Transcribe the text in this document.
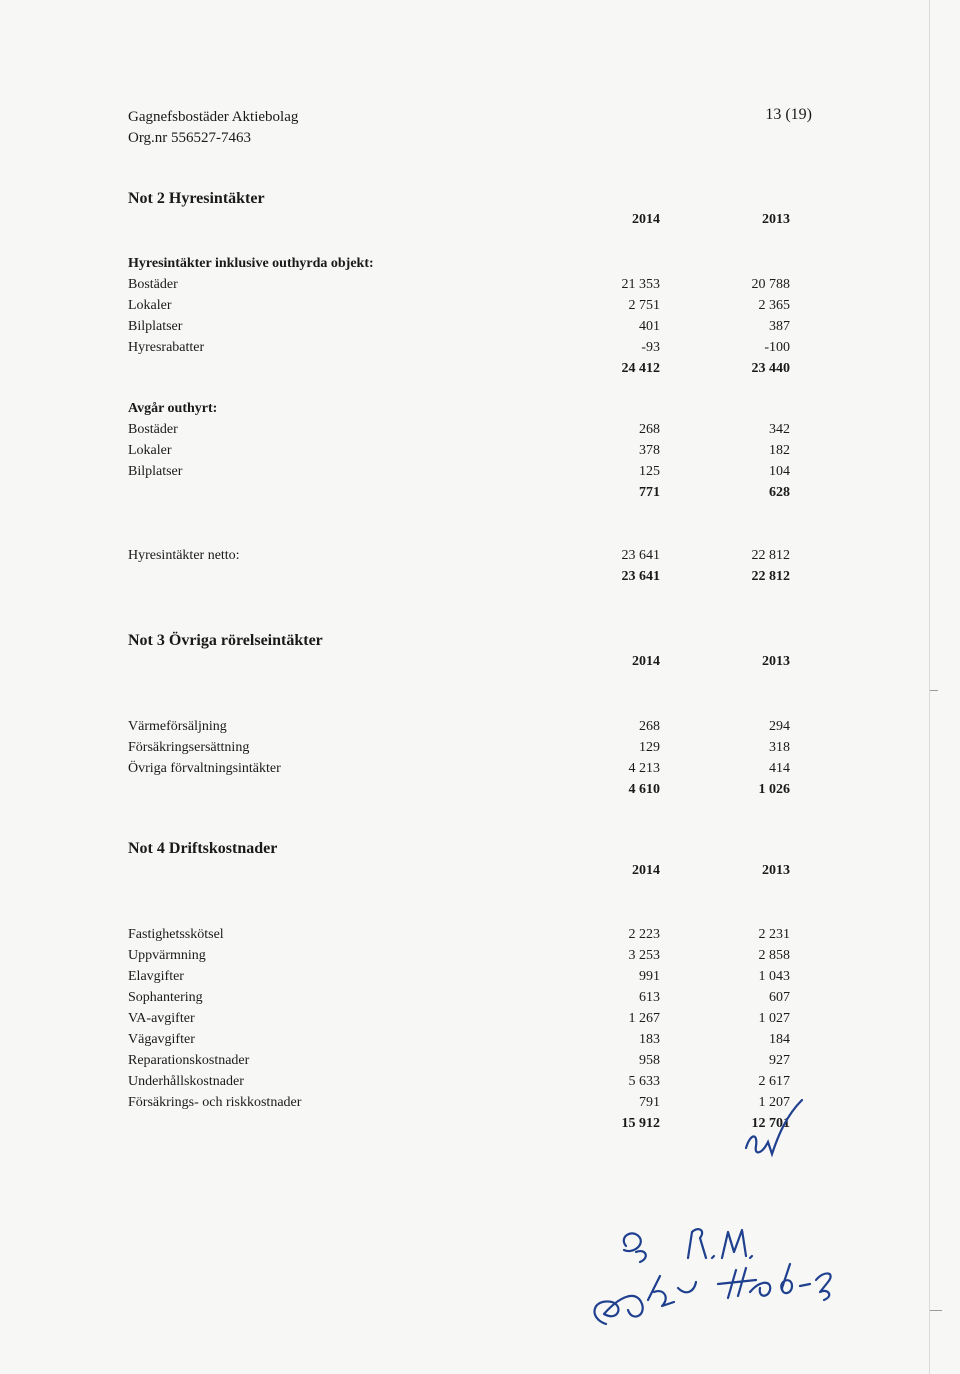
Gagnefsbostäder Aktiebolag
Org.nr 556527-7463
13 (19)
Not 2 Hyresintäkter
2014	2013
Hyresintäkter inklusive outhyrda objekt:
Bostäder	21 353	20 788
Lokaler	2 751	2 365
Bilplatser	401	387
Hyresrabatter	-93	-100
24 412	23 440
Avgår outhyrt:
Bostäder	268	342
Lokaler	378	182
Bilplatser	125	104
771	628
Hyresintäkter netto:	23 641	22 812
23 641	22 812
Not 3 Övriga rörelseintäkter
2014	2013
Värmeförsäljning	268	294
Försäkringsersättning	129	318
Övriga förvaltningsintäkter	4 213	414
4 610	1 026
Not 4 Driftskostnader
2014	2013
Fastighetsskötsel	2 223	2 231
Uppvärmning	3 253	2 858
Elavgifter	991	1 043
Sophantering	613	607
VA-avgifter	1 267	1 027
Vägavgifter	183	184
Reparationskostnader	958	927
Underhållskostnader	5 633	2 617
Försäkrings- och riskkostnader	791	1 207
15 912	12 701
